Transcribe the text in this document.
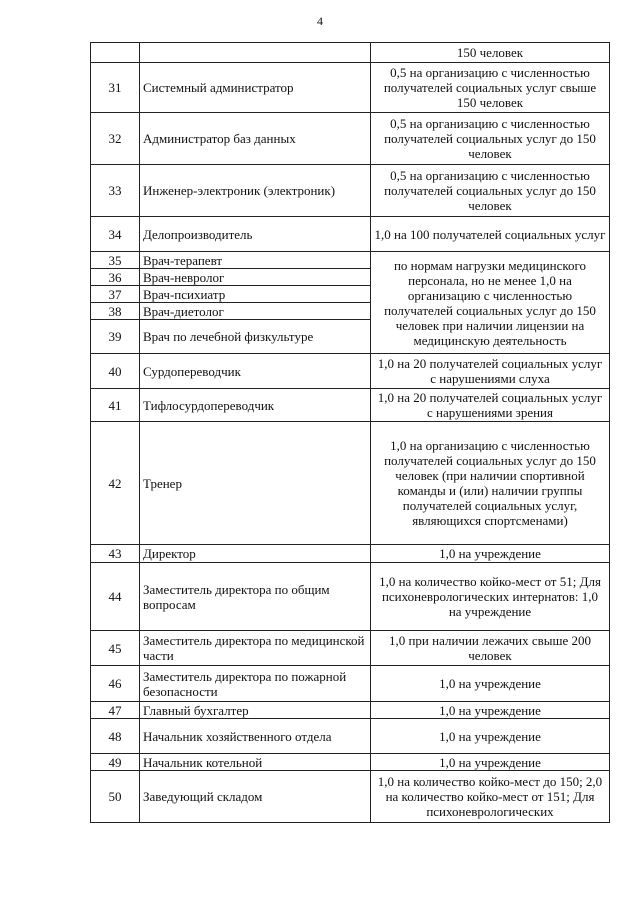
4
		150 человек
31	Системный администратор	0,5 на организацию с численностью получателей социальных услуг свыше 150 человек
32	Администратор баз данных	0,5 на организацию с численностью получателей социальных услуг до 150 человек
33	Инженер-электроник (электроник)	0,5 на организацию с численностью получателей социальных услуг до 150 человек
34	Делопроизводитель	1,0 на 100 получателей социальных услуг
35	Врач-терапевт	по нормам нагрузки медицинского персонала, но не менее 1,0 на организацию с численностью получателей социальных услуг до 150 человек при наличии лицензии на медицинскую деятельность
36	Врач-невролог	
37	Врач-психиатр	
38	Врач-диетолог	
39	Врач по лечебной физкультуре	
40	Сурдопереводчик	1,0 на 20 получателей социальных услуг с нарушениями слуха
41	Тифлосурдопереводчик	1,0 на 20 получателей социальных услуг с нарушениями зрения
42	Тренер	1,0 на организацию с численностью получателей социальных услуг до 150 человек (при наличии спортивной команды и (или) наличии группы получателей социальных услуг, являющихся спортсменами)
43	Директор	1,0 на учреждение
44	Заместитель директора по общим вопросам	1,0 на количество койко-мест от 51; Для психоневрологических интернатов: 1,0 на учреждение
45	Заместитель директора по медицинской части	1,0 при наличии лежачих свыше 200 человек
46	Заместитель директора по пожарной безопасности	1,0 на учреждение
47	Главный бухгалтер	1,0 на учреждение
48	Начальник хозяйственного отдела	1,0 на учреждение
49	Начальник котельной	1,0 на учреждение
50	Заведующий складом	1,0 на количество койко-мест до 150; 2,0 на количество койко-мест от 151; Для психоневрологических
